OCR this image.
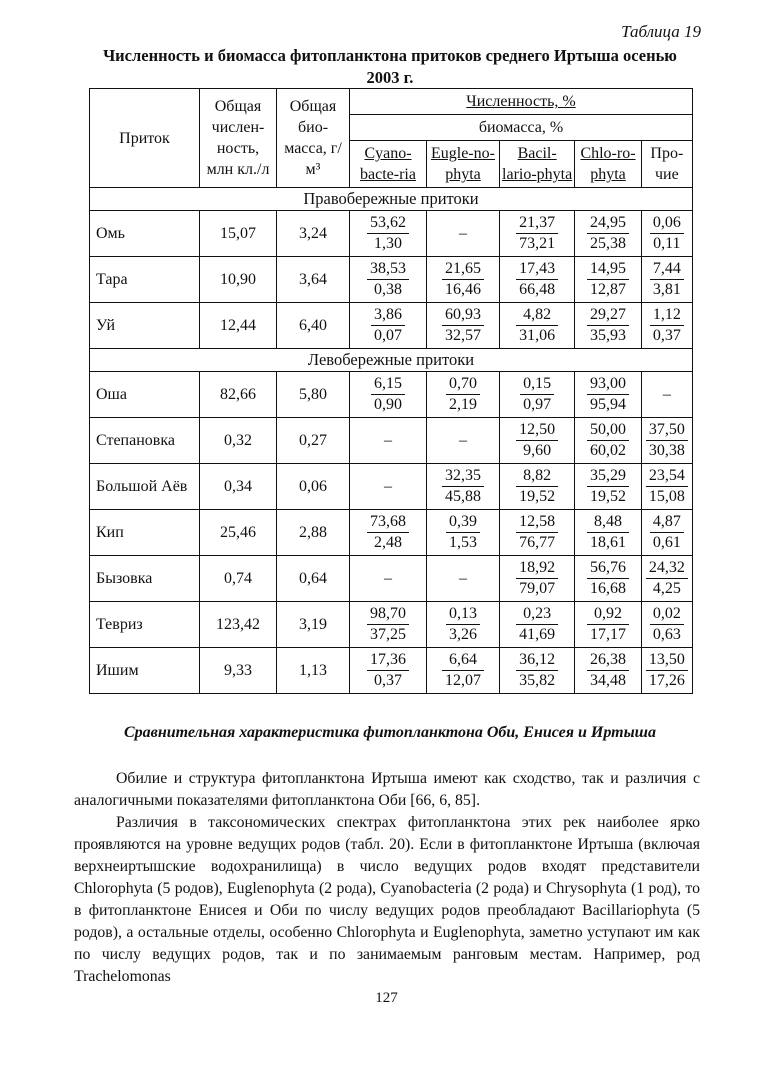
Таблица 19
Численность и биомасса фитопланктона притоков среднего Иртыша осенью 2003 г.
Приток	Общая числен-ность, млн кл./л	Общая био-масса, г/м³	Численность, %				
			биомасса, %				
			Cyano-bacte-ria	Eugle-no-phyta	Bacil-lario-phyta	Chlo-ro-phyta	Про-чие
Правобережные притоки							
Омь	15,07	3,24	$\frac{53,62}{1,30}$	–	$\frac{21,37}{73,21}$	$\frac{24,95}{25,38}$	$\frac{0,06}{0,11}$

Тара	10,90	3,64	$\frac{38,53}{0,38}$	$\frac{21,65}{16,46}$	$\frac{17,43}{66,48}$	$\frac{14,95}{12,87}$	$\frac{7,44}{3,81}$

Уй	12,44	6,40	$\frac{3,86}{0,07}$	$\frac{60,93}{32,57}$	$\frac{4,82}{31,06}$	$\frac{29,27}{35,93}$	$\frac{1,12}{0,37}$

Левобережные притоки							
Оша	82,66	5,80	$\frac{6,15}{0,90}$	$\frac{0,70}{2,19}$	$\frac{0,15}{0,97}$	$\frac{93,00}{95,94}$	–
Степановка	0,32	0,27	–	–	$\frac{12,50}{9,60}$	$\frac{50,00}{60,02}$	$\frac{37,50}{30,38}$

Большой Аёв	0,34	0,06	–	$\frac{32,35}{45,88}$	$\frac{8,82}{19,52}$	$\frac{35,29}{19,52}$	$\frac{23,54}{15,08}$

Кип	25,46	2,88	$\frac{73,68}{2,48}$	$\frac{0,39}{1,53}$	$\frac{12,58}{76,77}$	$\frac{8,48}{18,61}$	$\frac{4,87}{0,61}$

Бызовка	0,74	0,64	–	–	$\frac{18,92}{79,07}$	$\frac{56,76}{16,68}$	$\frac{24,32}{4,25}$

Тевриз	123,42	3,19	$\frac{98,70}{37,25}$	$\frac{0,13}{3,26}$	$\frac{0,23}{41,69}$	$\frac{0,92}{17,17}$	$\frac{0,02}{0,63}$

Ишим	9,33	1,13	$\frac{17,36}{0,37}$	$\frac{6,64}{12,07}$	$\frac{36,12}{35,82}$	$\frac{26,38}{34,48}$	$\frac{13,50}{17,26}$
Сравнительная характеристика фитопланктона Оби, Енисея и Иртыша

Обилие и структура фитопланктона Иртыша имеют как сходство, так и различия с аналогичными показателями фитопланктона Оби [66, 6, 85].

Различия в таксономических спектрах фитопланктона этих рек наиболее ярко проявляются на уровне ведущих родов (табл. 20). Если в фитопланктоне Иртыша (включая верхнеиртышские водохранилища) в число ведущих родов входят представители Chlorophyta (5 родов), Euglenophyta (2 рода), Cyanobacteria (2 рода) и Chrysophyta (1 род), то в фитопланктоне Енисея и Оби по числу ведущих родов преобладают Bacillariophyta (5 родов), а остальные отделы, особенно Chlorophyta и Euglenophyta, заметно уступают им как по числу ведущих родов, так и по занимаемым ранговым местам. Например, род Trachelomonas

127
